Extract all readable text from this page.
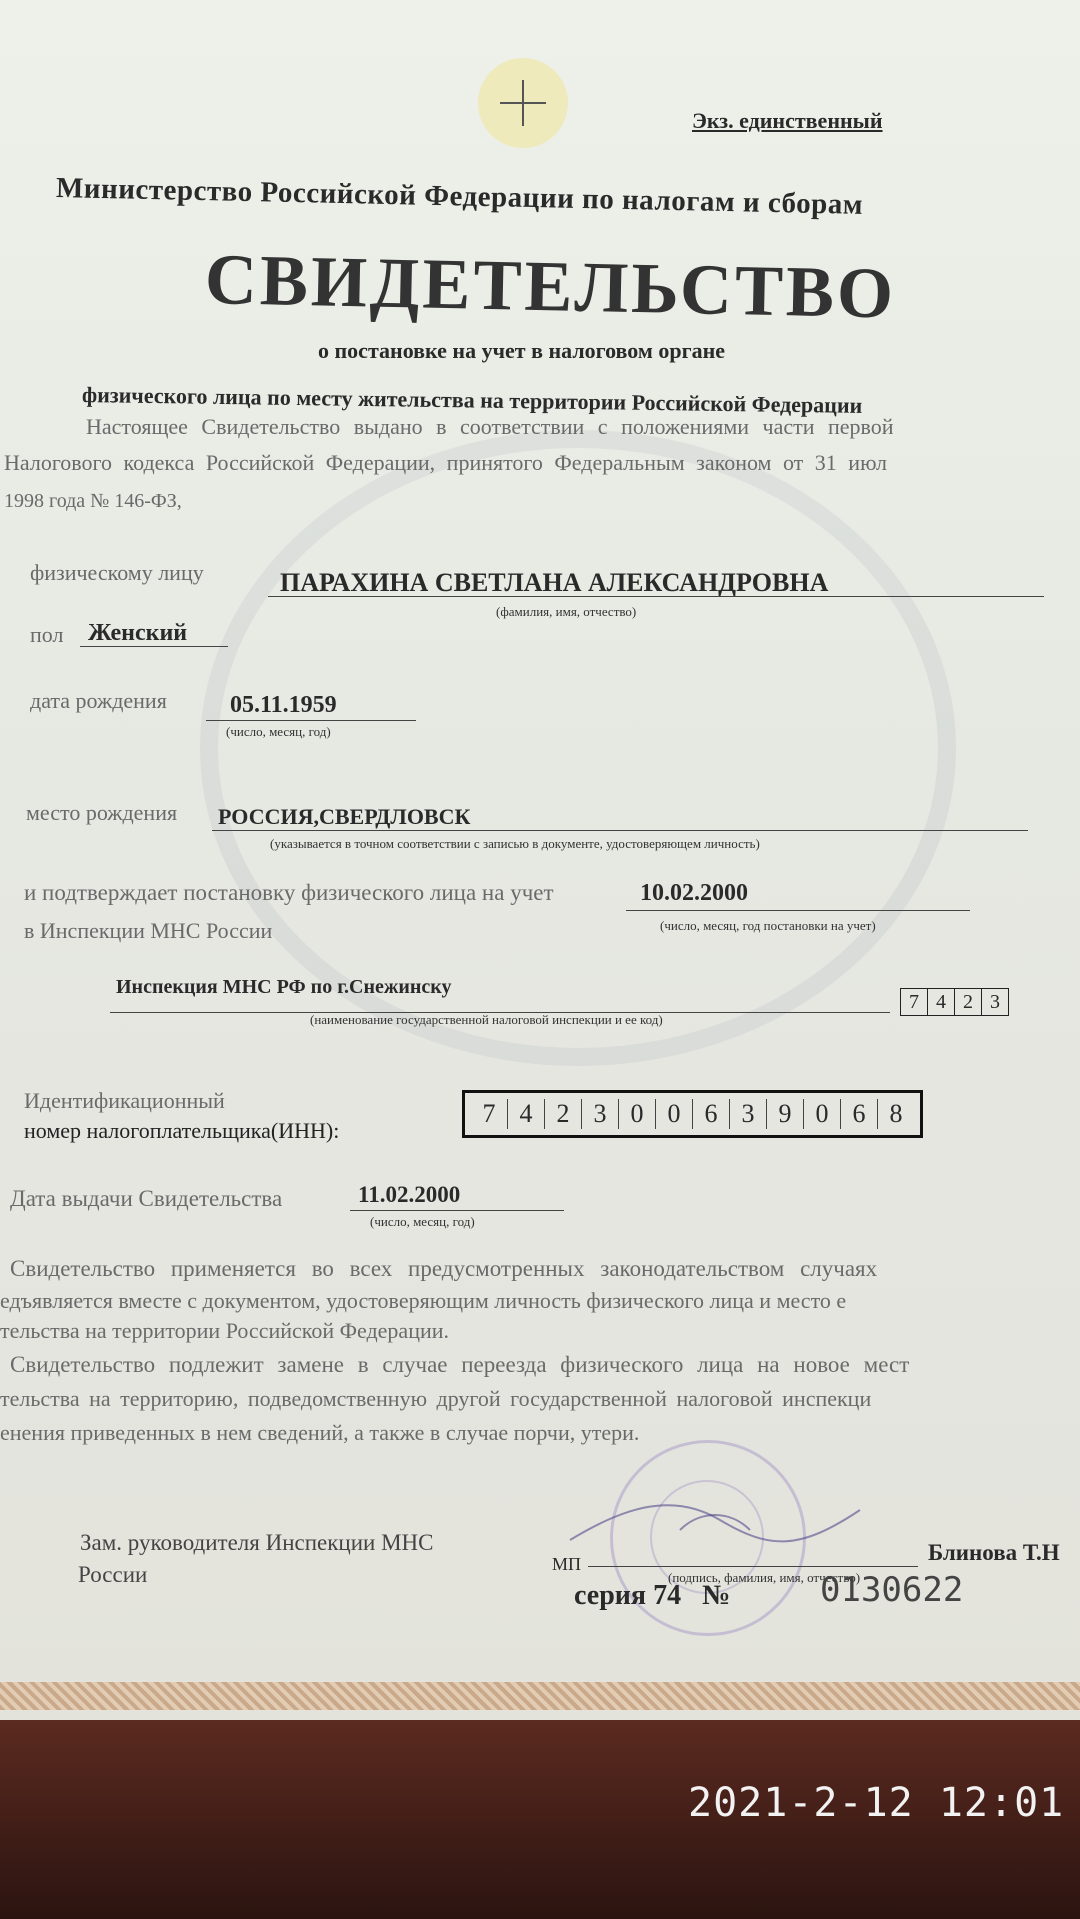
Экз. единственный
Министерство Российской Федерации по налогам и сборам
СВИДЕТЕЛЬСТВО
о постановке на учет в налоговом органе
физического лица по месту жительства на территории Российской Федерации
Настоящее Свидетельство выдано в соответствии с положениями части первой
Налогового кодекса Российской Федерации, принятого Федеральным законом от 31 июл
1998 года № 146-ФЗ,
физическому лицу	ПАРАХИНА СВЕТЛАНА АЛЕКСАНДРОВНА
(фамилия, имя, отчество)
пол Женский
дата рождения	05.11.1959
(число, месяц, год)
место рождения РОССИЯ,СВЕРДЛОВСК
(указывается в точном соответствии с записью в документе, удостоверяющем личность)
и подтверждает постановку физического лица на учет	10.02.2000
(число, месяц, год постановки на учет)
в Инспекции МНС России
Инспекция МНС РФ по г.Снежинску
(наименование государственной налоговой инспекции и ее код)
7 4 2 3
Идентификационный
номер налогоплательщика(ИНН):
7 4 2 3 0 0 6 3 9 0 6 8
Дата выдачи Свидетельства	11.02.2000
(число, месяц, год)
Свидетельство применяется во всех предусмотренных законодательством случаях
едъявляется вместе с документом, удостоверяющим личность физического лица и место е
тельства на территории Российской Федерации.
Свидетельство подлежит замене в случае переезда физического лица на новое мест
тельства на территорию, подведомственную другой государственной налоговой инспекци
енения приведенных в нем сведений, а также в случае порчи, утери.
Зам. руководителя Инспекции МНС
России	МП	Блинова Т.Н
(подпись, фамилия, имя, отчество)
серия 74 №	0130622
2021-2-12 12:01
